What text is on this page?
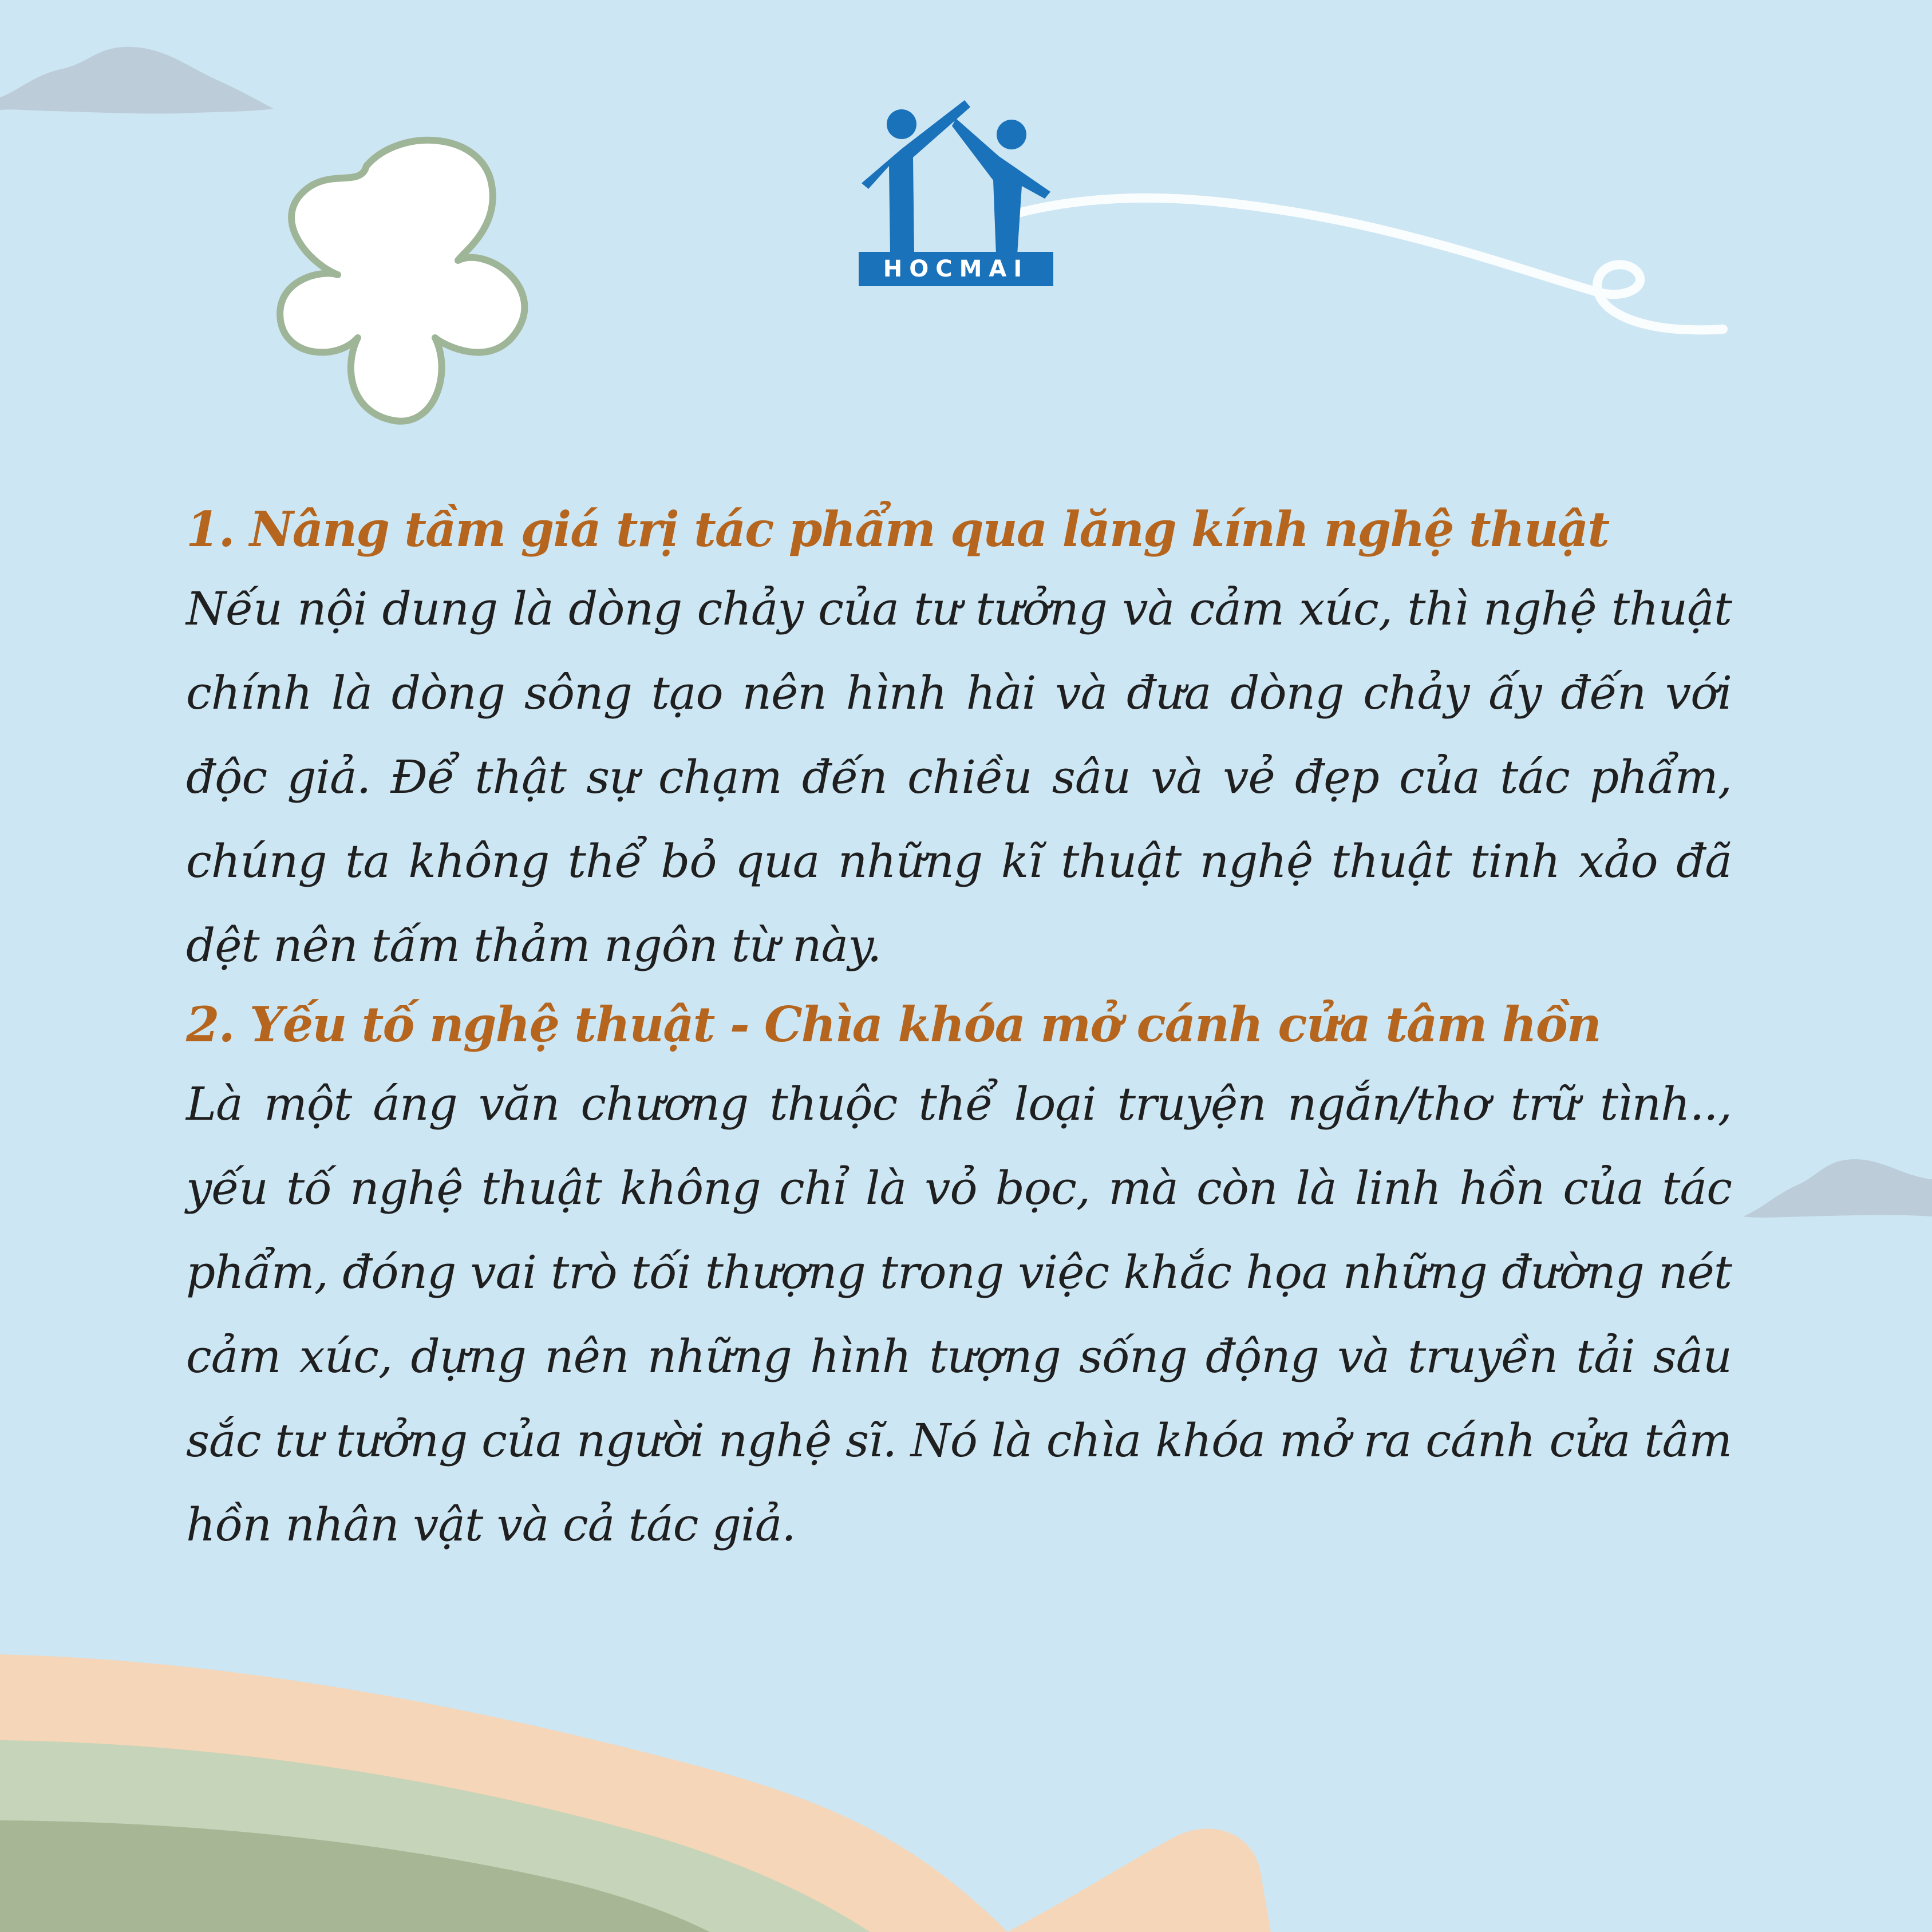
HOCMAI
1. Nâng tầm giá trị tác phẩm qua lăng kính nghệ thuật

Nếu nội dung là dòng chảy của tư tưởng và cảm xúc, thì nghệ thuật chính là dòng sông tạo nên hình hài và đưa dòng chảy ấy đến với độc giả. Để thật sự chạm đến chiều sâu và vẻ đẹp của tác phẩm, chúng ta không thể bỏ qua những kĩ thuật nghệ thuật tinh xảo đã dệt nên tấm thảm ngôn từ này.

2. Yếu tố nghệ thuật - Chìa khóa mở cánh cửa tâm hồn

Là một áng văn chương thuộc thể loại truyện ngắn/thơ trữ tình.., yếu tố nghệ thuật không chỉ là vỏ bọc, mà còn là linh hồn của tác phẩm, đóng vai trò tối thượng trong việc khắc họa những đường nét cảm xúc, dựng nên những hình tượng sống động và truyền tải sâu sắc tư tưởng của người nghệ sĩ. Nó là chìa khóa mở ra cánh cửa tâm hồn nhân vật và cả tác giả.
